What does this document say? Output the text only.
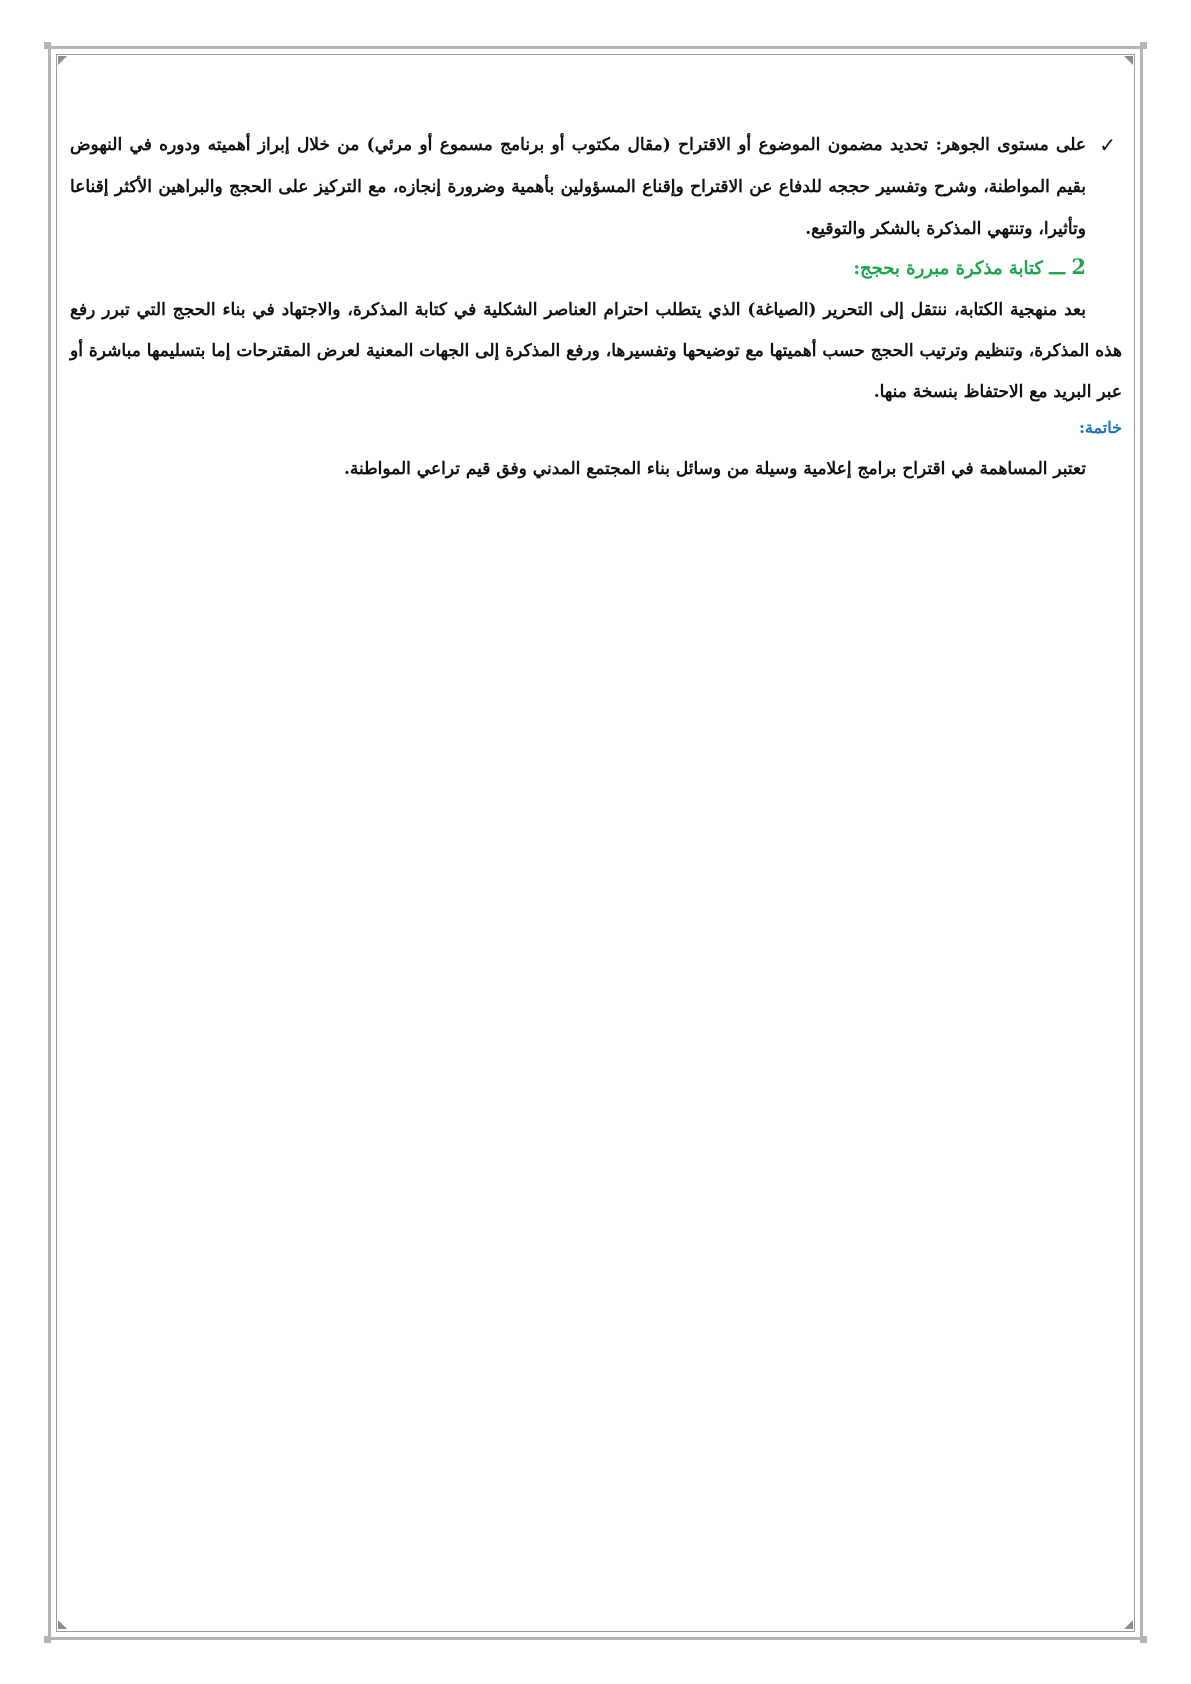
✓
على مستوى الجوهر: تحديد مضمون الموضوع أو الاقتراح (مقال مكتوب أو برنامج مسموع أو مرئي) من خلال إبراز أهميته ودوره في النهوض بقيم المواطنة، وشرح وتفسير حججه للدفاع عن الاقتراح وإقناع المسؤولين بأهمية وضرورة إنجازه، مع التركيز على الحجج والبراهين الأكثر إقناعا وتأثيرا، وتنتهي المذكرة بالشكر والتوقيع.

2 ـــ كتابة مذكرة مبررة بحجج:

بعد منهجية الكتابة، ننتقل إلى التحرير (الصياغة) الذي يتطلب احترام العناصر الشكلية في كتابة المذكرة، والاجتهاد في بناء الحجج التي تبرر رفع هذه المذكرة، وتنظيم وترتيب الحجج حسب أهميتها مع توضيحها وتفسيرها، ورفع المذكرة إلى الجهات المعنية لعرض المقترحات إما بتسليمها مباشرة أو عبر البريد مع الاحتفاظ بنسخة منها.

خاتمة:

تعتبر المساهمة في اقتراح برامج إعلامية وسيلة من وسائل بناء المجتمع المدني وفق قيم تراعي المواطنة.
